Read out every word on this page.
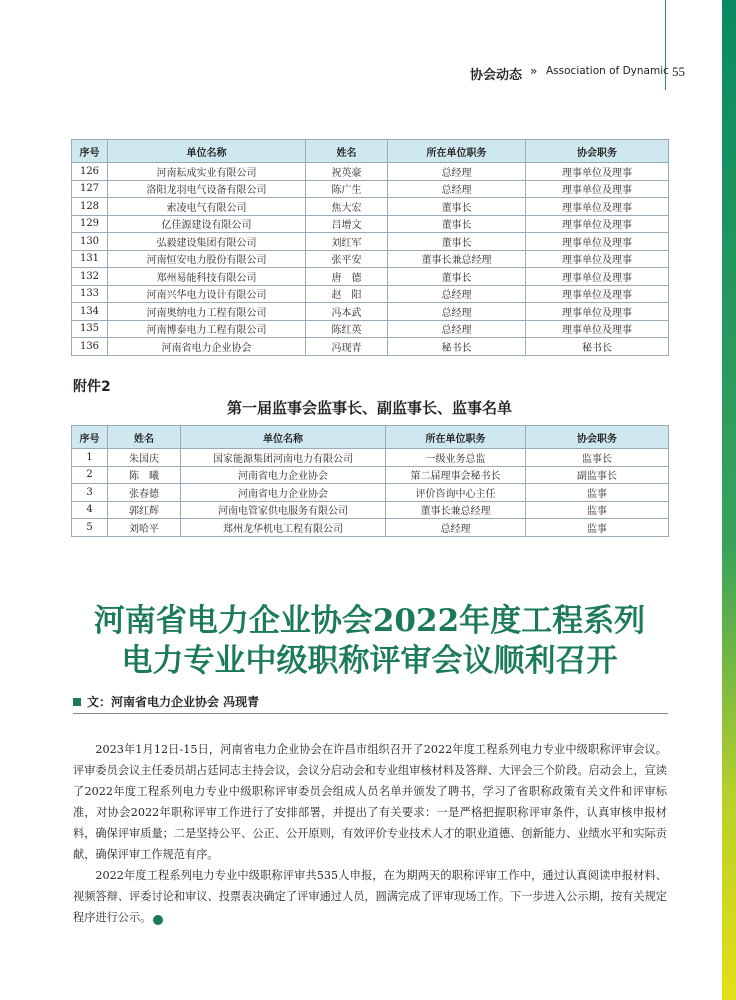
协会动态 » Association of Dynamic 55
序号	单位名称	姓名	所在单位职务	协会职务
126	河南耘成实业有限公司	祝英豪	总经理	理事单位及理事
127	洛阳龙羽电气设备有限公司	陈广生	总经理	理事单位及理事
128	索凌电气有限公司	焦大宏	董事长	理事单位及理事
129	亿佳源建设有限公司	吕增文	董事长	理事单位及理事
130	弘毅建设集团有限公司	刘红军	董事长	理事单位及理事
131	河南恒安电力股份有限公司	张平安	董事长兼总经理	理事单位及理事
132	郑州易能科技有限公司	唐　德	董事长	理事单位及理事
133	河南兴华电力设计有限公司	赵　阳	总经理	理事单位及理事
134	河南奥纳电力工程有限公司	冯本武	总经理	理事单位及理事
135	河南博泰电力工程有限公司	陈红英	总经理	理事单位及理事
136	河南省电力企业协会	冯现青	秘书长	秘书长
附件2
第一届监事会监事长、副监事长、监事名单
序号	姓名	单位名称	所在单位职务	协会职务
1	朱国庆	国家能源集团河南电力有限公司	一级业务总监	监事长
2	陈　曦	河南省电力企业协会	第二届理事会秘书长	副监事长
3	张春德	河南省电力企业协会	评价咨询中心主任	监事
4	郭红辉	河南电管家供电服务有限公司	董事长兼总经理	监事
5	刘哈平	郑州龙华机电工程有限公司	总经理	监事
河南省电力企业协会2022年度工程系列
电力专业中级职称评审会议顺利召开
文：河南省电力企业协会 冯现青

2023年1月12日-15日，河南省电力企业协会在许昌市组织召开了2022年度工程系列电力专业中级职称评审会议。评审委员会议主任委员胡占廷同志主持会议，会议分启动会和专业组审核材料及答辩、大评会三个阶段。启动会上，宣读了2022年度工程系列电力专业中级职称评审委员会组成人员名单并颁发了聘书，学习了省职称政策有关文件和评审标准，对协会2022年职称评审工作进行了安排部署，并提出了有关要求：一是严格把握职称评审条件，认真审核申报材料，确保评审质量；二是坚持公平、公正、公开原则，有效评价专业技术人才的职业道德、创新能力、业绩水平和实际贡献，确保评审工作规范有序。

2022年度工程系列电力专业中级职称评审共535人申报，在为期两天的职称评审工作中，通过认真阅读申报材料、视频答辩、评委讨论和审议、投票表决确定了评审通过人员，圆满完成了评审现场工作。下一步进入公示期，按有关规定程序进行公示。	C
